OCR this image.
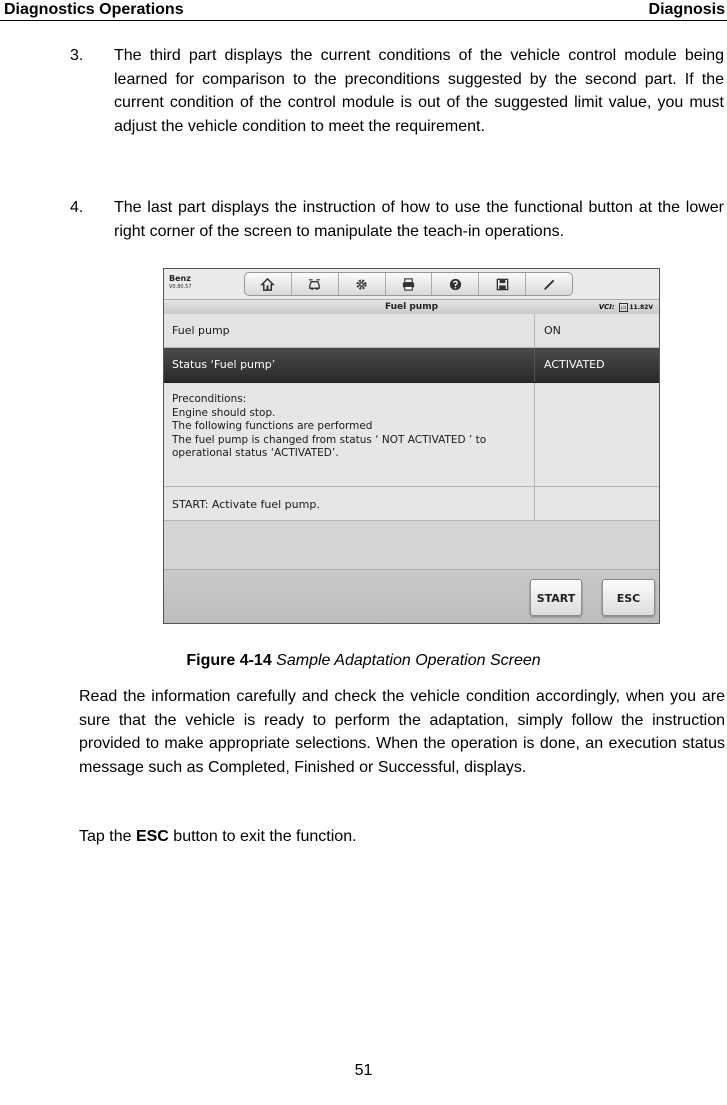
Diagnostics Operations	Diagnosis
3. The third part displays the current conditions of the vehicle control module being learned for comparison to the preconditions suggested by the second part. If the current condition of the control module is out of the suggested limit value, you must adjust the vehicle condition to meet the requirement.
4. The last part displays the instruction of how to use the functional button at the lower right corner of the screen to manipulate the teach-in operations.
Benz
V0.80.57
Fuel pump	VCI: ▭ 11.82V
Fuel pump	ON
Status ‘Fuel pump’	ACTIVATED
Preconditions:
Engine should stop.
The following functions are performed
The fuel pump is changed from status ‘ NOT ACTIVATED ’ to
operational status ‘ACTIVATED’.
START: Activate fuel pump.
START	ESC
Figure 4-14 Sample Adaptation Operation Screen
Read the information carefully and check the vehicle condition accordingly, when you are sure that the vehicle is ready to perform the adaptation, simply follow the instruction provided to make appropriate selections. When the operation is done, an execution status message such as Completed, Finished or Successful, displays.
Tap the ESC button to exit the function.
51
